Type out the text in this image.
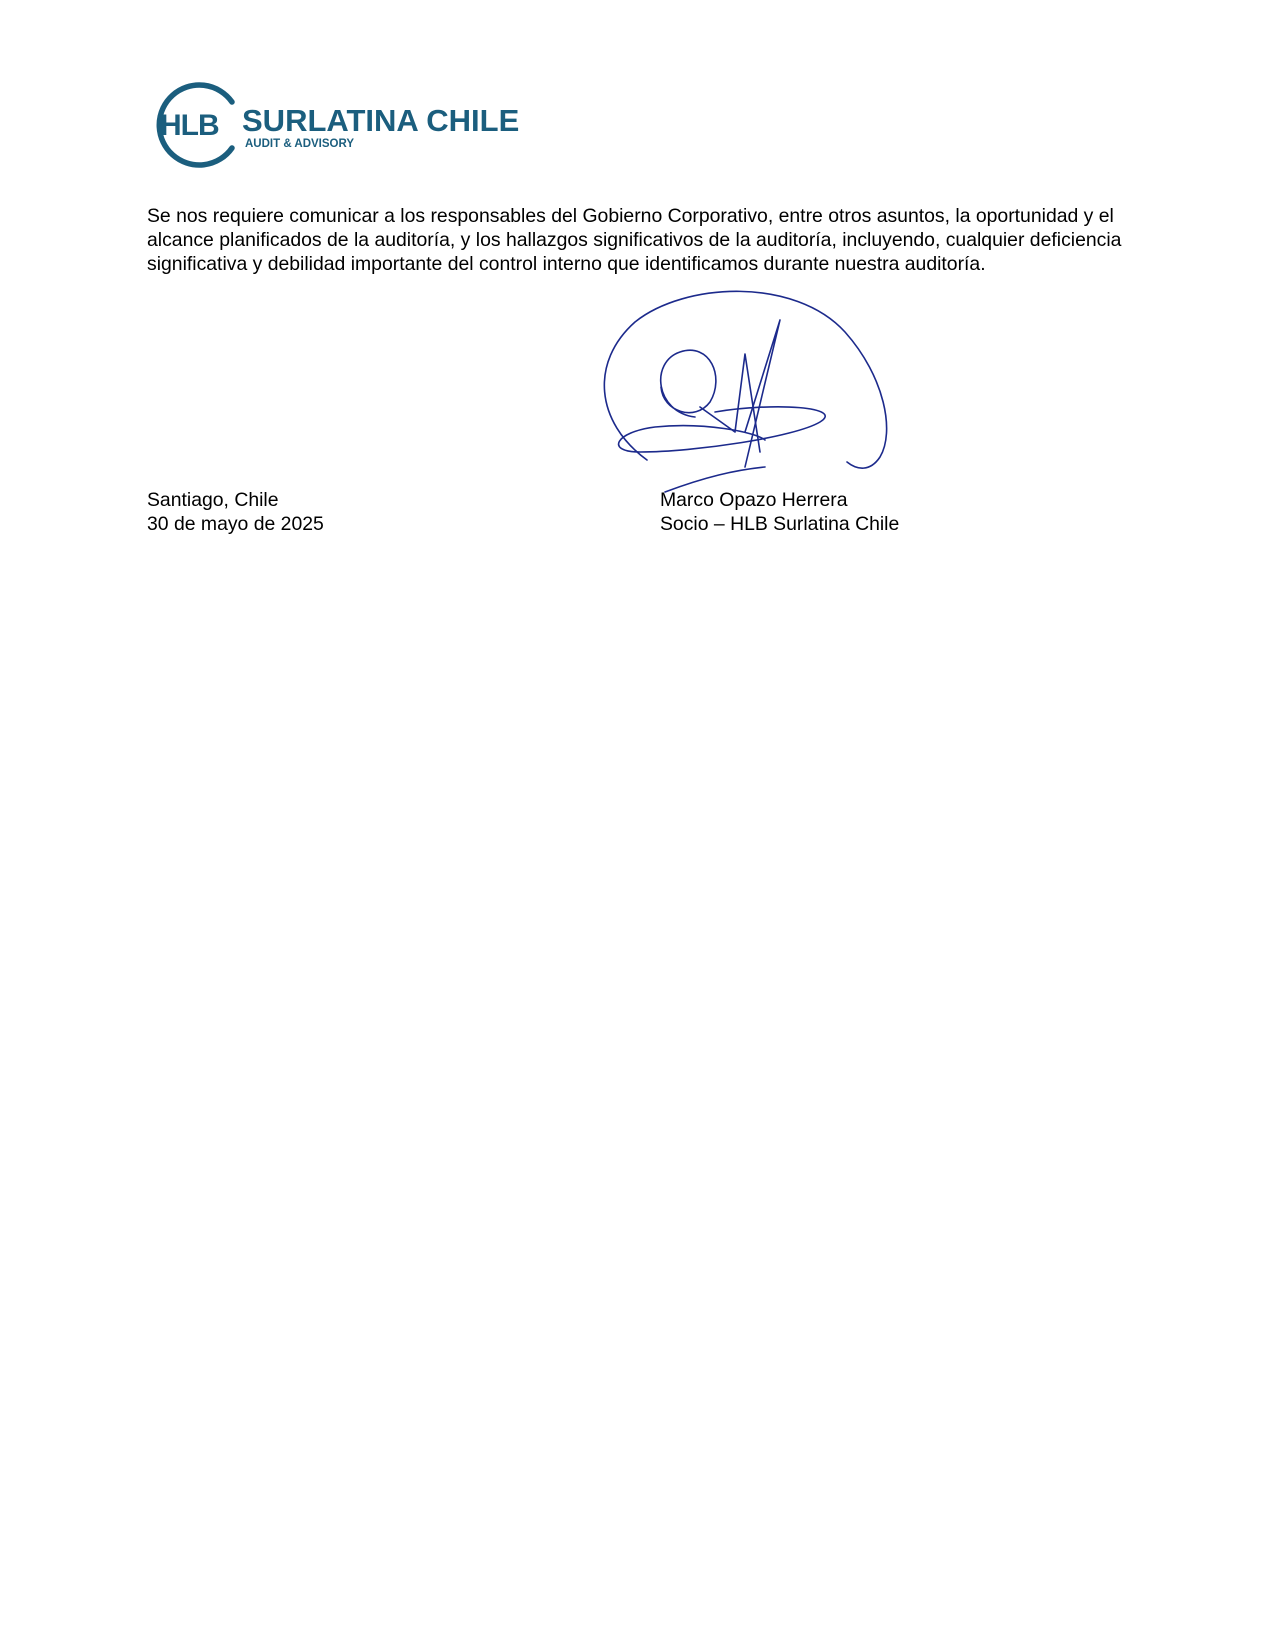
HLB SURLATINA CHILE
AUDIT & ADVISORY

Se nos requiere comunicar a los responsables del Gobierno Corporativo, entre otros asuntos, la oportunidad y el alcance planificados de la auditoría, y los hallazgos significativos de la auditoría, incluyendo, cualquier deficiencia significativa y debilidad importante del control interno que identificamos durante nuestra auditoría.

Santiago, Chile
30 de mayo de 2025
Marco Opazo Herrera
Socio – HLB Surlatina Chile
